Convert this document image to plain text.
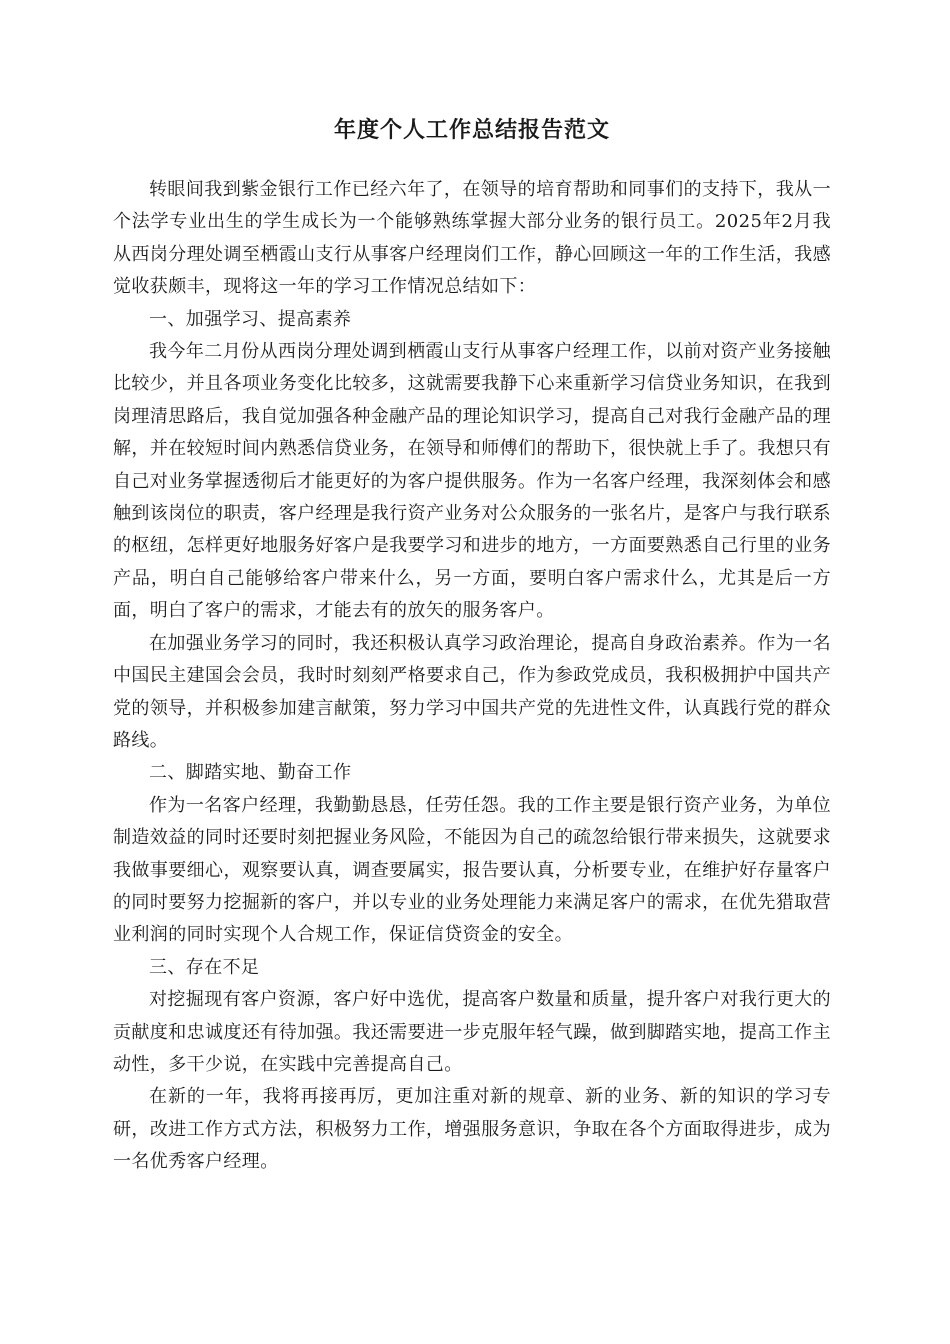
年度个人工作总结报告范文

转眼间我到紫金银行工作已经六年了，在领导的培育帮助和同事们的支持下，我从一个法学专业出生的学生成长为一个能够熟练掌握大部分业务的银行员工。2025年2月我从西岗分理处调至栖霞山支行从事客户经理岗们工作，静心回顾这一年的工作生活，我感觉收获颇丰，现将这一年的学习工作情况总结如下：

一、加强学习、提高素养

我今年二月份从西岗分理处调到栖霞山支行从事客户经理工作，以前对资产业务接触比较少，并且各项业务变化比较多，这就需要我静下心来重新学习信贷业务知识，在我到岗理清思路后，我自觉加强各种金融产品的理论知识学习，提高自己对我行金融产品的理解，并在较短时间内熟悉信贷业务，在领导和师傅们的帮助下，很快就上手了。我想只有自己对业务掌握透彻后才能更好的为客户提供服务。作为一名客户经理，我深刻体会和感触到该岗位的职责，客户经理是我行资产业务对公众服务的一张名片，是客户与我行联系的枢纽，怎样更好地服务好客户是我要学习和进步的地方，一方面要熟悉自己行里的业务产品，明白自己能够给客户带来什么，另一方面，要明白客户需求什么，尤其是后一方面，明白了客户的需求，才能去有的放矢的服务客户。

在加强业务学习的同时，我还积极认真学习政治理论，提高自身政治素养。作为一名中国民主建国会会员，我时时刻刻严格要求自己，作为参政党成员，我积极拥护中国共产党的领导，并积极参加建言献策，努力学习中国共产党的先进性文件，认真践行党的群众路线。

二、脚踏实地、勤奋工作

作为一名客户经理，我勤勤恳恳，任劳任怨。我的工作主要是银行资产业务，为单位制造效益的同时还要时刻把握业务风险，不能因为自己的疏忽给银行带来损失，这就要求我做事要细心，观察要认真，调查要属实，报告要认真，分析要专业，在维护好存量客户的同时要努力挖掘新的客户，并以专业的业务处理能力来满足客户的需求，在优先猎取营业利润的同时实现个人合规工作，保证信贷资金的安全。

三、存在不足

对挖掘现有客户资源，客户好中选优，提高客户数量和质量，提升客户对我行更大的贡献度和忠诚度还有待加强。我还需要进一步克服年轻气躁，做到脚踏实地，提高工作主动性，多干少说，在实践中完善提高自己。

在新的一年，我将再接再厉，更加注重对新的规章、新的业务、新的知识的学习专研，改进工作方式方法，积极努力工作，增强服务意识，争取在各个方面取得进步，成为一名优秀客户经理。
